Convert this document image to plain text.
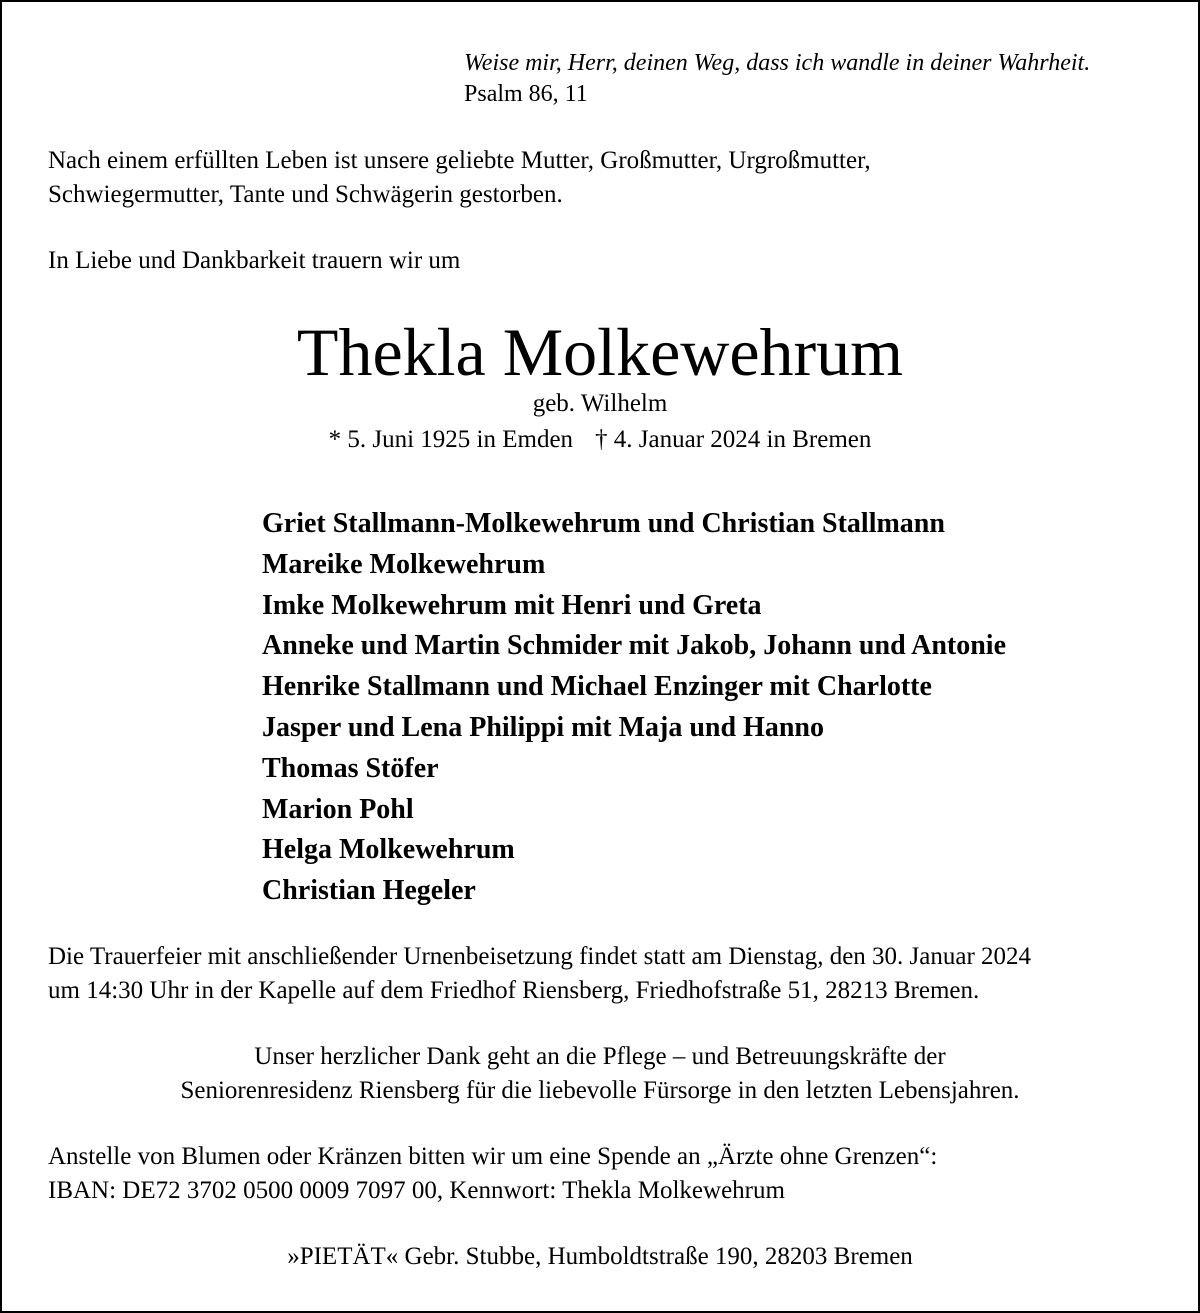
Weise mir, Herr, deinen Weg, dass ich wandle in deiner Wahrheit.
Psalm 86, 11

Nach einem erfüllten Leben ist unsere geliebte Mutter, Großmutter, Urgroßmutter,
Schwiegermutter, Tante und Schwägerin gestorben.

In Liebe und Dankbarkeit trauern wir um

Thekla Molkewehrum
geb. Wilhelm
* 5. Juni 1925 in Emden † 4. Januar 2024 in Bremen
Griet Stallmann-Molkewehrum und Christian Stallmann
Mareike Molkewehrum
Imke Molkewehrum mit Henri und Greta
Anneke und Martin Schmider mit Jakob, Johann und Antonie
Henrike Stallmann und Michael Enzinger mit Charlotte
Jasper und Lena Philippi mit Maja und Hanno
Thomas Stöfer
Marion Pohl
Helga Molkewehrum
Christian Hegeler

Die Trauerfeier mit anschließender Urnenbeisetzung findet statt am Dienstag, den 30. Januar 2024
um 14:30 Uhr in der Kapelle auf dem Friedhof Riensberg, Friedhofstraße 51, 28213 Bremen.

Unser herzlicher Dank geht an die Pflege – und Betreuungskräfte der
Seniorenresidenz Riensberg für die liebevolle Fürsorge in den letzten Lebensjahren.

Anstelle von Blumen oder Kränzen bitten wir um eine Spende an „Ärzte ohne Grenzen“:
IBAN: DE72 3702 0500 0009 7097 00, Kennwort: Thekla Molkewehrum

»PIETÄT« Gebr. Stubbe, Humboldtstraße 190, 28203 Bremen
